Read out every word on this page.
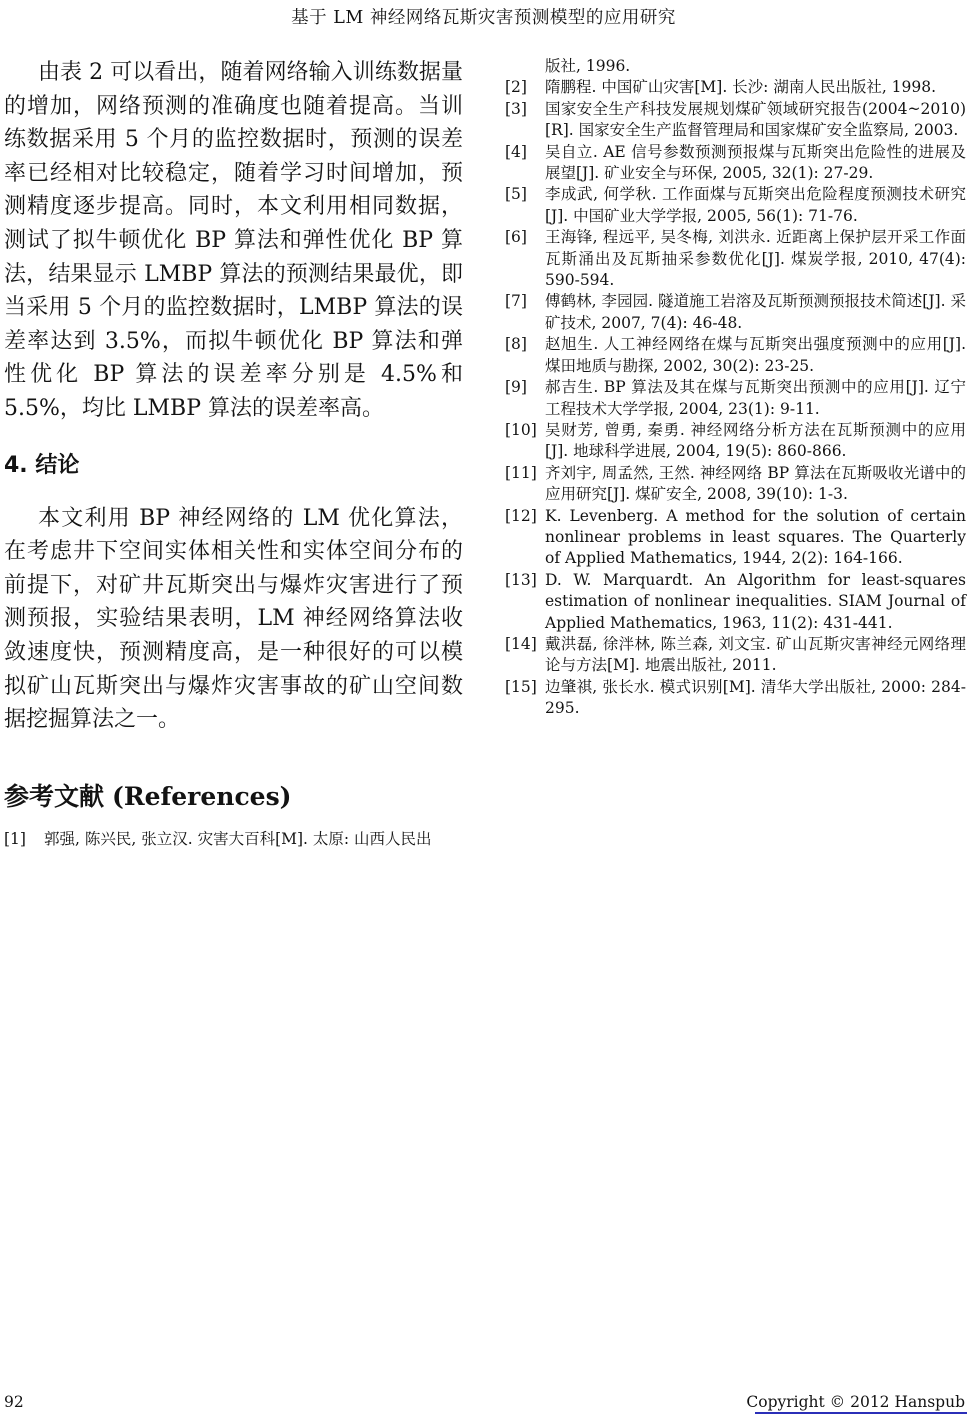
基于 LM 神经网络瓦斯灾害预测模型的应用研究

由表 2 可以看出，随着网络输入训练数据量的增加，网络预测的准确度也随着提高。当训练数据采用 5 个月的监控数据时，预测的误差率已经相对比较稳定，随着学习时间增加，预测精度逐步提高。同时，本文利用相同数据，测试了拟牛顿优化 BP 算法和弹性优化 BP 算法，结果显示 LMBP 算法的预测结果最优，即当采用 5 个月的监控数据时，LMBP 算法的误差率达到 3.5%，而拟牛顿优化 BP 算法和弹性优化 BP 算法的误差率分别是 4.5%和 5.5%，均比 LMBP 算法的误差率高。

4. 结论

本文利用 BP 神经网络的 LM 优化算法，在考虑井下空间实体相关性和实体空间分布的前提下，对矿井瓦斯突出与爆炸灾害进行了预测预报，实验结果表明，LM 神经网络算法收敛速度快，预测精度高，是一种很好的可以模拟矿山瓦斯突出与爆炸灾害事故的矿山空间数据挖掘算法之一。

参考文献 (References)
[1]	郭强, 陈兴民, 张立汉. 灾害大百科[M]. 太原: 山西人民出

版社, 1996.

[2]	隋鹏程. 中国矿山灾害[M]. 长沙: 湖南人民出版社, 1998.
[3]	国家安全生产科技发展规划煤矿领域研究报告(2004~2010)[R]. 国家安全生产监督管理局和国家煤矿安全监察局, 2003.
[4]	吴自立. AE 信号参数预测预报煤与瓦斯突出危险性的进展及展望[J]. 矿业安全与环保, 2005, 32(1): 27-29.
[5]	李成武, 何学秋. 工作面煤与瓦斯突出危险程度预测技术研究[J]. 中国矿业大学学报, 2005, 56(1): 71-76.
[6]	王海锋, 程远平, 吴冬梅, 刘洪永. 近距离上保护层开采工作面瓦斯涌出及瓦斯抽采参数优化[J]. 煤炭学报, 2010, 47(4): 590-594.
[7]	傅鹤林, 李园园. 隧道施工岩溶及瓦斯预测预报技术简述[J]. 采矿技术, 2007, 7(4): 46-48.
[8]	赵旭生. 人工神经网络在煤与瓦斯突出强度预测中的应用[J]. 煤田地质与勘探, 2002, 30(2): 23-25.
[9]	郝吉生. BP 算法及其在煤与瓦斯突出预测中的应用[J]. 辽宁工程技术大学学报, 2004, 23(1): 9-11.
[10] 吴财芳, 曾勇, 秦勇. 神经网络分析方法在瓦斯预测中的应用[J]. 地球科学进展, 2004, 19(5): 860-866.
[11] 齐刘宇, 周孟然, 王然. 神经网络 BP 算法在瓦斯吸收光谱中的应用研究[J]. 煤矿安全, 2008, 39(10): 1-3.
[12] K. Levenberg. A method for the solution of certain nonlinear problems in least squares. The Quarterly of Applied Mathematics, 1944, 2(2): 164-166.
[13] D. W. Marquardt. An Algorithm for least-squares estimation of nonlinear inequalities. SIAM Journal of Applied Mathematics, 1963, 11(2): 431-441.
[14] 戴洪磊, 徐泮林, 陈兰森, 刘文宝. 矿山瓦斯灾害神经元网络理论与方法[M]. 地震出版社, 2011.
[15] 边肇祺, 张长水. 模式识别[M]. 清华大学出版社, 2000: 284-295.
92	Copyright © 2012 Hanspub
